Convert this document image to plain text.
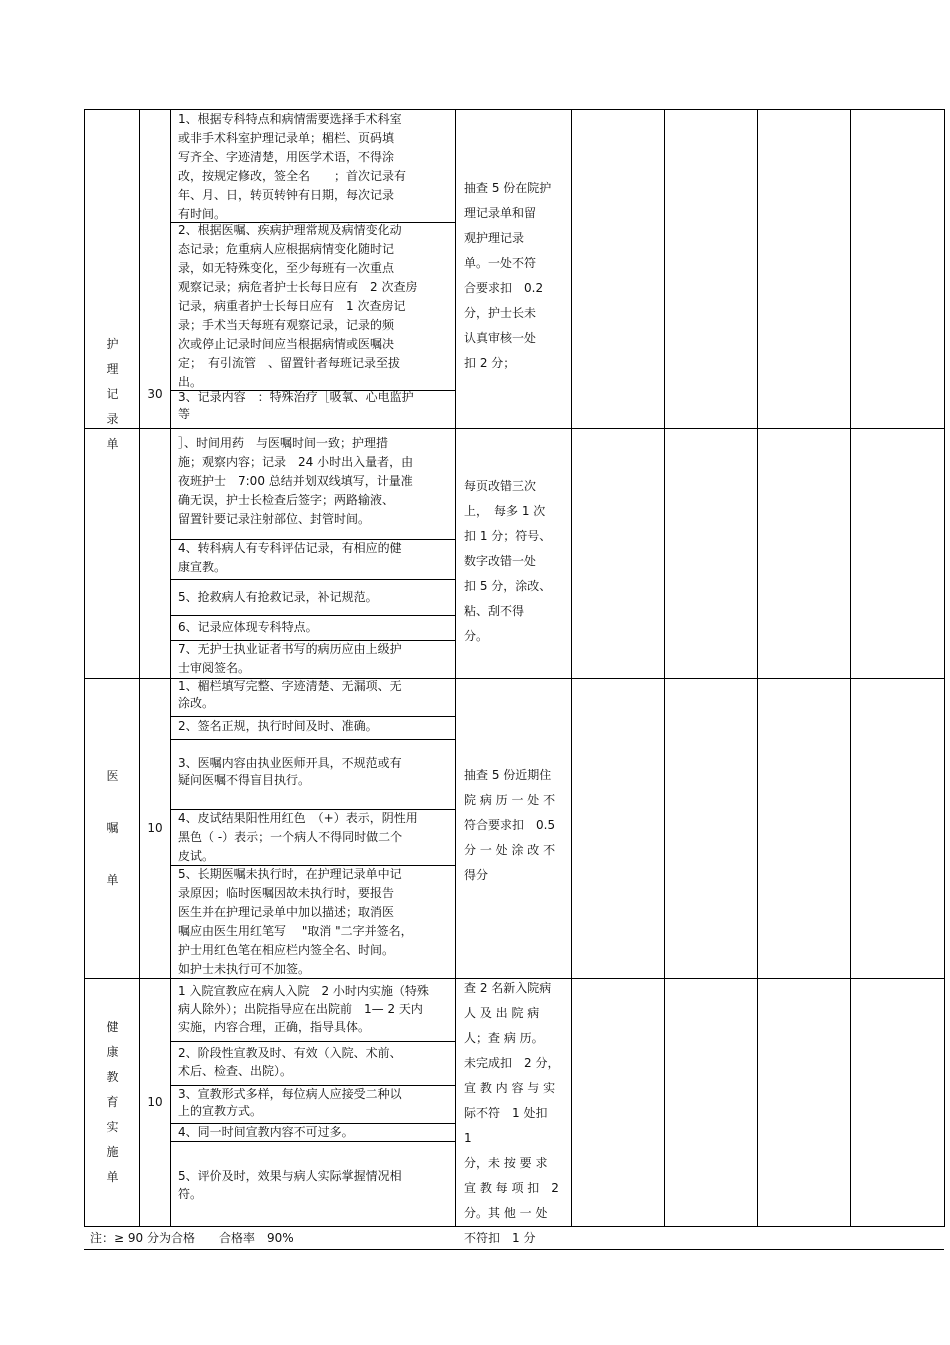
护
理
记
录
单
30
1、根据专科特点和病情需要选择手术科室
或非手术科室护理记录单；楣栏、页码填
写齐全、字迹清楚，用医学术语，不得涂
改，按规定修改，签全名　　；首次记录有
年、月、日，转页转钟有日期，每次记录
有时间。
2、根据医嘱、疾病护理常规及病情变化动
态记录；危重病人应根据病情变化随时记
录，如无特殊变化，至少每班有一次重点
观察记录；病危者护士长每日应有　2 次查房
记录，病重者护士长每日应有　1 次查房记
录；手术当天每班有观察记录，记录的频
次或停止记录时间应当根据病情或医嘱决
定；　有引流管　、留置针者每班记录至拔
出。
3、记录内容　：特殊治疗［吸氧、心电监护
等
］、时间用药　与医嘱时间一致；护理措
施；观察内容；记录　24 小时出入量者，由
夜班护士　7:00 总结并划双线填写，计量准
确无误，护士长检查后签字；两路输液、
留置针要记录注射部位、封管时间。
4、转科病人有专科评估记录，有相应的健
康宣教。
5、抢救病人有抢救记录，补记规范。
6、记录应体现专科特点。
7、无护士执业证者书写的病历应由上级护
士审阅签名。
抽查 5 份在院护
理记录单和留
观护理记录
单。一处不符
合要求扣　0.2
分，护士长未
认真审核一处
扣 2 分；
每页改错三次
上，　每多 1 次
扣 1 分；符号、
数字改错一处
扣 5 分，涂改、
粘、刮不得
分。
医
嘱
单
10
1、楣栏填写完整、字迹清楚、无漏项、无
涂改。
2、签名正规，执行时间及时、准确。
3、医嘱内容由执业医师开具，不规范或有
疑问医嘱不得盲目执行。
4、皮试结果阳性用红色　（+）表示，阴性用
黑色（ -）表示；一个病人不得同时做二个
皮试。
5、长期医嘱未执行时，在护理记录单中记
录原因；临时医嘱因故未执行时，要报告
医生并在护理记录单中加以描述；取消医
嘱应由医生用红笔写　 "取消 "二字并签名，
护士用红色笔在相应栏内签全名、时间。
如护士未执行可不加签。
抽查 5 份近期住
院 病 历 一 处 不
符合要求扣　0.5
分 一 处 涂 改 不
得分
健
康
教
育
实
施
单
10
1 入院宣教应在病人入院　2 小时内实施（特殊
病人除外）；出院指导应在出院前　1— 2 天内
实施，内容合理，正确，指导具体。
2、阶段性宣教及时、有效（入院、术前、
术后、检查、出院）。
3、宣教形式多样，每位病人应接受二种以
上的宣教方式。
4、同一时间宣教内容不可过多。
5、评价及时，效果与病人实际掌握情况相
符。
查 2 名新入院病
人 及 出 院 病
人；查 病 历。
未完成扣　2 分，
宣 教 内 容 与 实
际不符　1 处扣　1
分，未 按 要 求
宣 教 每 项 扣　2
分。其 他 一 处
不符扣　1 分
注：≥ 90 分为合格　　合格率　90%
